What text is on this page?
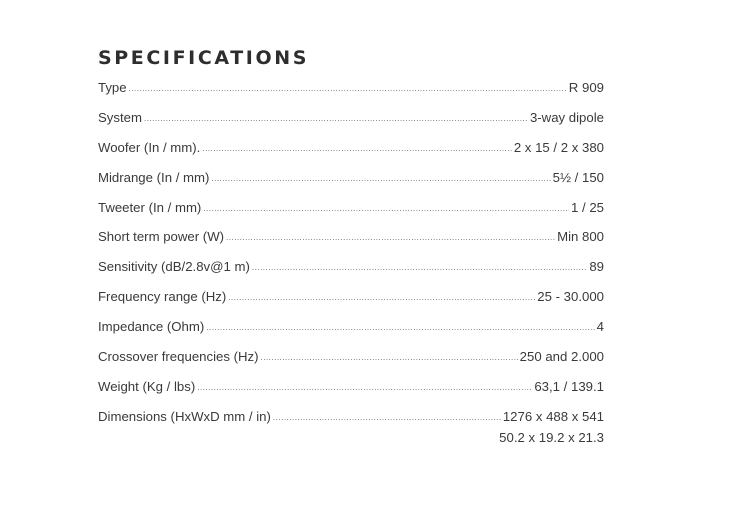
SPECIFICATIONS
Type .....	R 909
System .....	3-way dipole
Woofer (In / mm). .....	2 x 15 / 2 x 380
Midrange (In / mm) .....	5½ / 150
Tweeter (In / mm) .....	1 / 25
Short term power (W) .....	Min 800
Sensitivity (dB/2.8v@1 m) .....	89
Frequency range (Hz) .....	25 - 30.000
Impedance (Ohm) .....	4
Crossover frequencies (Hz) .....	250 and 2.000
Weight (Kg / lbs) .....	63,1 / 139.1
Dimensions (HxWxD mm / in) .....	1276 x 488 x 541
50.2 x 19.2 x 21.3
